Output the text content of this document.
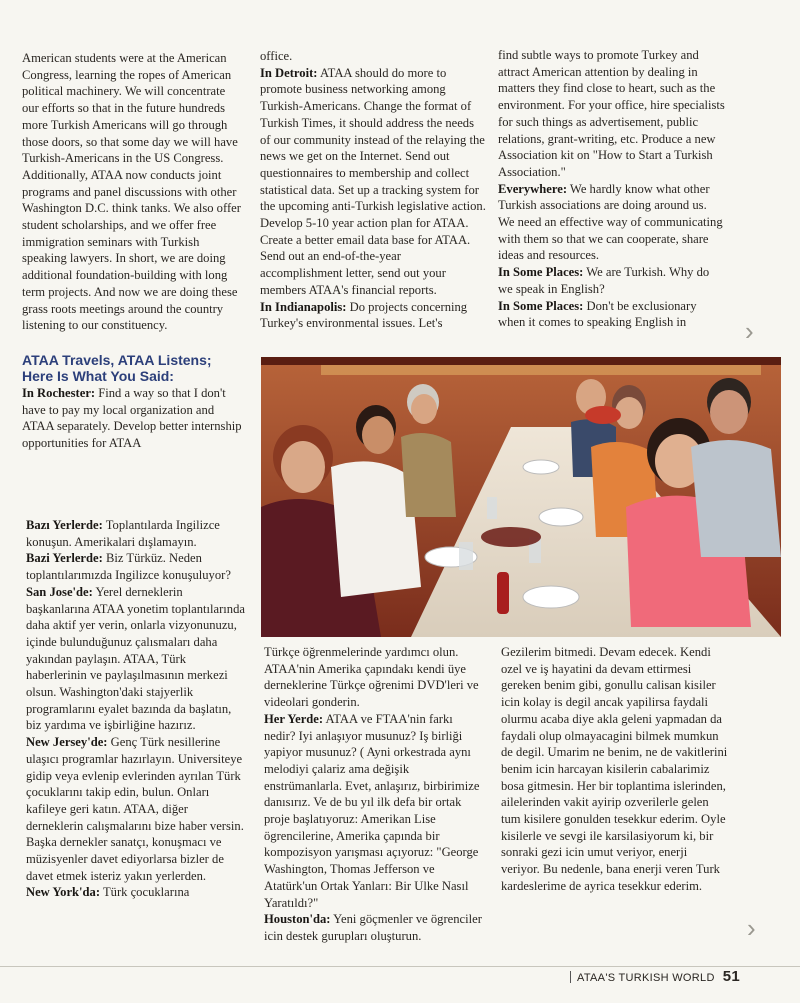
American students were at the American Congress, learning the ropes of American political machinery. We will concentrate our efforts so that in the future hundreds more Turkish Americans will go through those doors, so that some day we will have Turkish-Americans in the US Congress. Additionally, ATAA now conducts joint programs and panel discussions with other Washington D.C. think tanks. We also offer student scholarships, and we offer free immigration seminars with Turkish speaking lawyers. In short, we are doing additional foundation-building with long term projects. And now we are doing these grass roots meetings around the country listening to our constituency.

ATAA Travels, ATAA Listens; Here Is What You Said:

In Rochester: Find a way so that I don't have to pay my local organization and ATAA separately. Develop better internship opportunities for ATAA

office.

In Detroit: ATAA should do more to promote business networking among Turkish-Americans. Change the format of Turkish Times, it should address the needs of our community instead of the relaying the news we get on the Internet. Send out questionnaires to membership and collect statistical data. Set up a tracking system for the upcoming anti-Turkish legislative action. Develop 5-10 year action plan for ATAA. Create a better email data base for ATAA. Send out an end-of-the-year accomplishment letter, send out your members ATAA's financial reports.

In Indianapolis: Do projects concerning Turkey's environmental issues. Let's

find subtle ways to promote Turkey and attract American attention by dealing in matters they find close to heart, such as the environment. For your office, hire specialists for such things as advertisement, public relations, grant-writing, etc. Produce a new Association kit on "How to Start a Turkish Association."

Everywhere: We hardly know what other Turkish associations are doing around us. We need an effective way of communicating with them so that we can cooperate, share ideas and resources.

In Some Places: We are Turkish. Why do we speak in English?

In Some Places: Don't be exclusionary when it comes to speaking English in	›

Bazı Yerlerde: Toplantılarda Ingilizce konuşun. Amerikalari dışlamayın.

Bazi Yerlerde: Biz Türküz. Neden toplantılarımızda Ingilizce konuşuluyor?

San Jose'de: Yerel derneklerin başkanlarına ATAA yonetim toplantılarında daha aktif yer verin, onlarla vizyonunuzu, içinde bulunduğunuz çalısmaları daha yakından paylaşın. ATAA, Türk haberlerinin ve paylaşılmasının merkezi olsun. Washington'daki stajyerlik programlarını eyalet bazında da başlatın, biz yardıma ve işbirliğine hazırız.

New Jersey'de: Genç Türk nesillerine ulaşıcı programlar hazırlayın. Universiteye gidip veya evlenip evlerinden ayrılan Türk çocuklarını takip edin, bulun. Onları kafileye geri katın. ATAA, diğer derneklerin calışmalarını bize haber versin. Başka dernekler sanatçı, konuşmacı ve müzisyenler davet ediyorlarsa bizler de davet etmek isteriz yakın yerlerden.

New York'da: Türk çocuklarına

Türkçe öğrenmelerinde yardımcı olun. ATAA'nin Amerika çapındakı kendi üye derneklerine Türkçe oğrenimi DVD'leri ve videolari gonderin.

Her Yerde: ATAA ve FTAA'nin farkı nedir? Iyi anlaşıyor musunuz? Iş birliği yapiyor musunuz? ( Ayni orkestrada aynı melodiyi çalariz ama değişik enstrümanlarla. Evet, anlaşırız, birbirimize danısırız. Ve de bu yıl ilk defa bir ortak proje başlatıyoruz: Amerikan Lise ögrencilerine, Amerika çapında bir kompozisyon yarışması açıyoruz: "George Washington, Thomas Jefferson ve Atatürk'un Ortak Yanları: Bir Ulke Nasıl Yaratıldı?"

Houston'da: Yeni göçmenler ve ögrenciler icin destek gurupları oluşturun.

Gezilerim bitmedi. Devam edecek. Kendi ozel ve iş hayatini da devam ettirmesi gereken benim gibi, gonullu calisan kisiler icin kolay is degil ancak yapilirsa faydali olurmu acaba diye akla geleni yapmadan da faydali olup olmayacagini bilmek mumkun de degil. Umarim ne benim, ne de vakitlerini benim icin harcayan kisilerin cabalarimiz bosa gitmesin. Her bir toplantima islerinden, ailelerinden vakit ayirip ozverilerle gelen tum kisilere gonulden tesekkur ederim. Oyle kisilerle ve sevgi ile karsilasiyorum ki, bir sonraki gezi icin umut veriyor, enerji veriyor. Bu nedenle, bana enerji veren Turk kardeslerime de ayrica tesekkur ederim.

›
ATAA'S TURKISH WORLD 51
